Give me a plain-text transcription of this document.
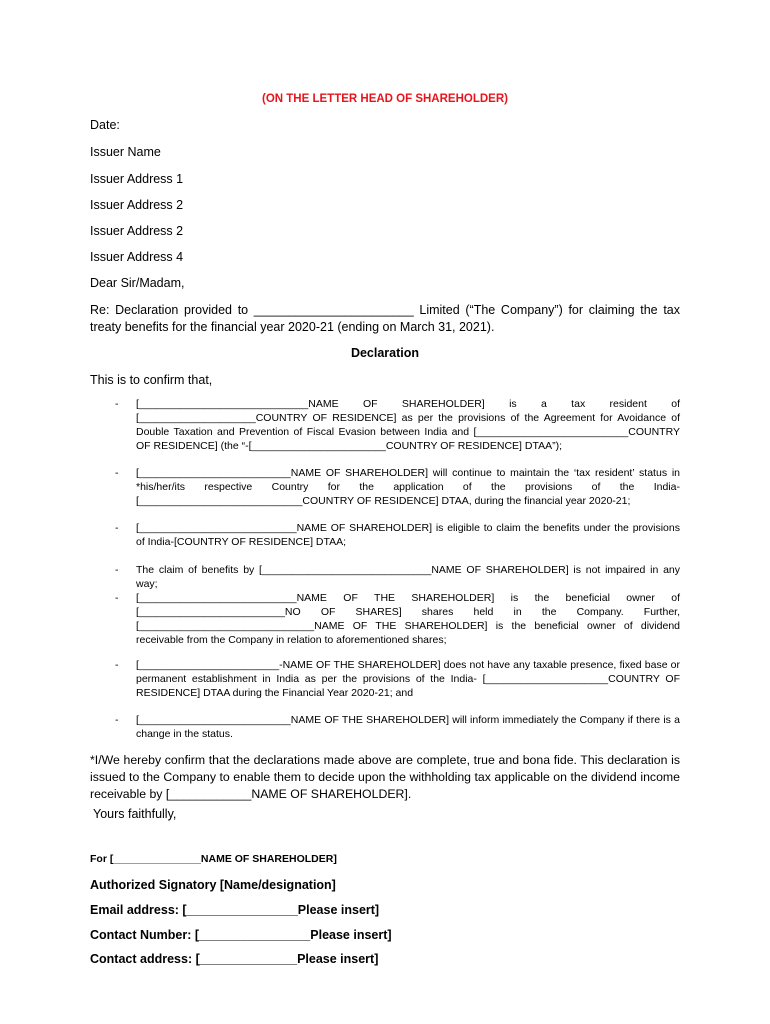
(ON THE LETTER HEAD OF SHAREHOLDER)
Date:
Issuer Name
Issuer Address 1
Issuer Address 2
Issuer Address 2
Issuer Address 4
Dear Sir/Madam,
Re: Declaration provided to _______________________ Limited (“The Company”) for claiming the tax treaty benefits for the financial year 2020-21 (ending on March 31, 2021).
Declaration
This is to confirm that,
- [_____________________________NAME OF SHAREHOLDER] is a tax resident of [____________________COUNTRY OF RESIDENCE] as per the provisions of the Agreement for Avoidance of Double Taxation and Prevention of Fiscal Evasion between India and [__________________________COUNTRY OF RESIDENCE] (the “-[_______________________COUNTRY OF RESIDENCE] DTAA”);
- [__________________________NAME OF SHAREHOLDER] will continue to maintain the ‘tax resident’ status in *his/her/its respective Country for the application of the provisions of the India-[____________________________COUNTRY OF RESIDENCE] DTAA, during the financial year 2020-21;
- [___________________________NAME OF SHAREHOLDER] is eligible to claim the benefits under the provisions of India-[COUNTRY OF RESIDENCE] DTAA;
- The claim of benefits by [_____________________________NAME OF SHAREHOLDER] is not impaired in any way;
- [___________________________NAME OF THE SHAREHOLDER] is the beneficial owner of [_________________________NO OF SHARES] shares held in the Company. Further, [______________________________NAME OF THE SHAREHOLDER] is the beneficial owner of dividend receivable from the Company in relation to aforementioned shares;
- [________________________-NAME OF THE SHAREHOLDER] does not have any taxable presence, fixed base or permanent establishment in India as per the provisions of the India- [_____________________COUNTRY OF RESIDENCE] DTAA during the Financial Year 2020-21; and
- [__________________________NAME OF THE SHAREHOLDER] will inform immediately the Company if there is a change in the status.
*I/We hereby confirm that the declarations made above are complete, true and bona fide. This declaration is issued to the Company to enable them to decide upon the withholding tax applicable on the dividend income receivable by [____________NAME OF SHAREHOLDER].
Yours faithfully,
For [_______________NAME OF SHAREHOLDER]
Authorized Signatory [Name/designation]
Email address: [________________Please insert]
Contact Number: [________________Please insert]
Contact address: [______________Please insert]
